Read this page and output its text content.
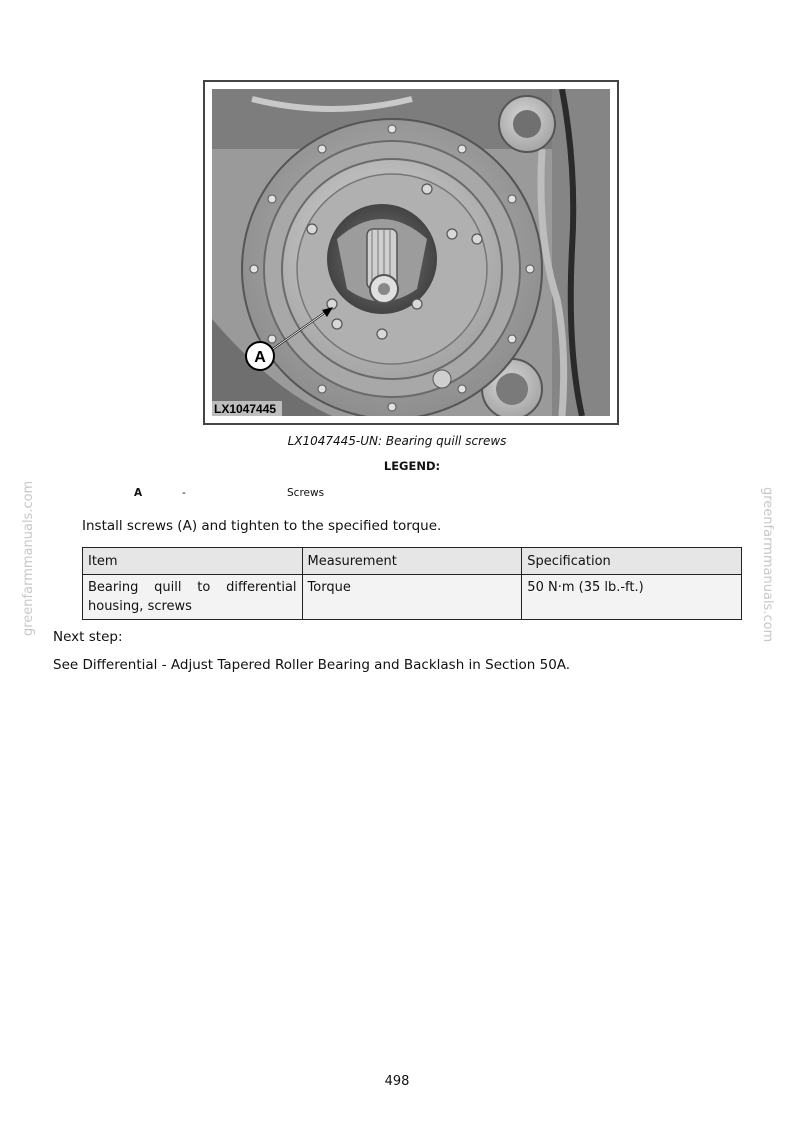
greenfarmmanuals.com	greenfarmmanuals.com
A
LX1047445
LX1047445-UN: Bearing quill screws
LEGEND:
A	-	Screws
Install screws (A) and tighten to the specified torque.
Item	Measurement	Specification
Bearing quill to differential housing, screws	Torque	50 N·m (35 lb.-ft.)
Next step:
See Differential - Adjust Tapered Roller Bearing and Backlash in Section 50A.
498
